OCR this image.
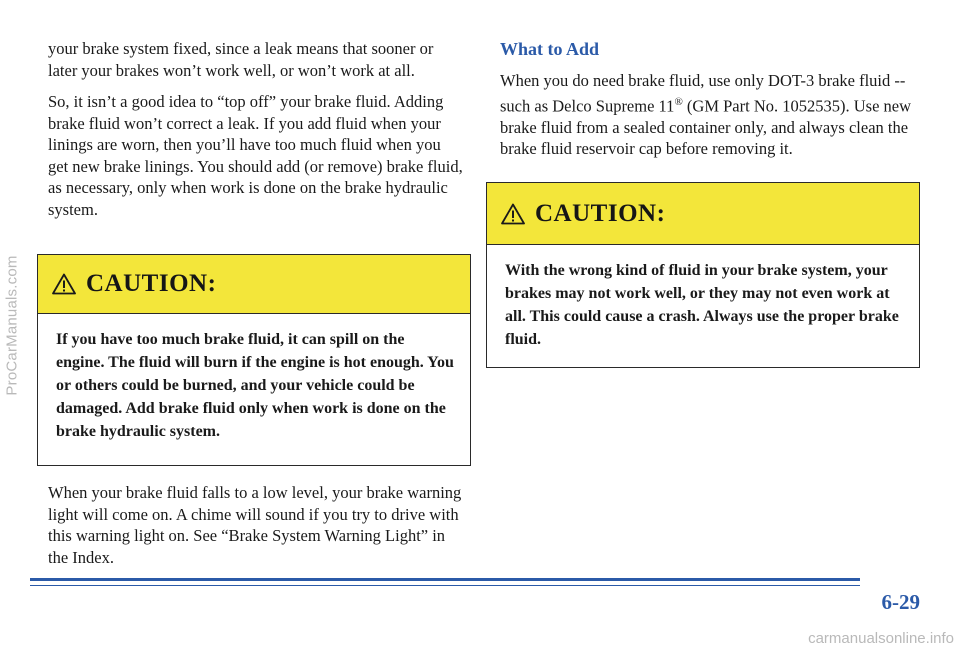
ProCarManuals.com

your brake system fixed, since a leak means that sooner or later your brakes won’t work well, or won’t work at all.

So, it isn’t a good idea to “top off” your brake fluid. Adding brake fluid won’t correct a leak. If you add fluid when your linings are worn, then you’ll have too much fluid when you get new brake linings. You should add (or remove) brake fluid, as necessary, only when work is done on the brake hydraulic system.

CAUTION:
If you have too much brake fluid, it can spill on the engine. The fluid will burn if the engine is hot enough. You or others could be burned, and your vehicle could be damaged. Add brake fluid only when work is done on the brake hydraulic system.

When your brake fluid falls to a low level, your brake warning light will come on. A chime will sound if you try to drive with this warning light on. See “Brake System Warning Light” in the Index.

What to Add

When you do need brake fluid, use only DOT-3 brake fluid -- such as Delco Supreme 11® (GM Part No. 1052535). Use new brake fluid from a sealed container only, and always clean the brake fluid reservoir cap before removing it.

CAUTION:
With the wrong kind of fluid in your brake system, your brakes may not work well, or they may not even work at all. This could cause a crash. Always use the proper brake fluid.
6-29
carmanualsonline.info
